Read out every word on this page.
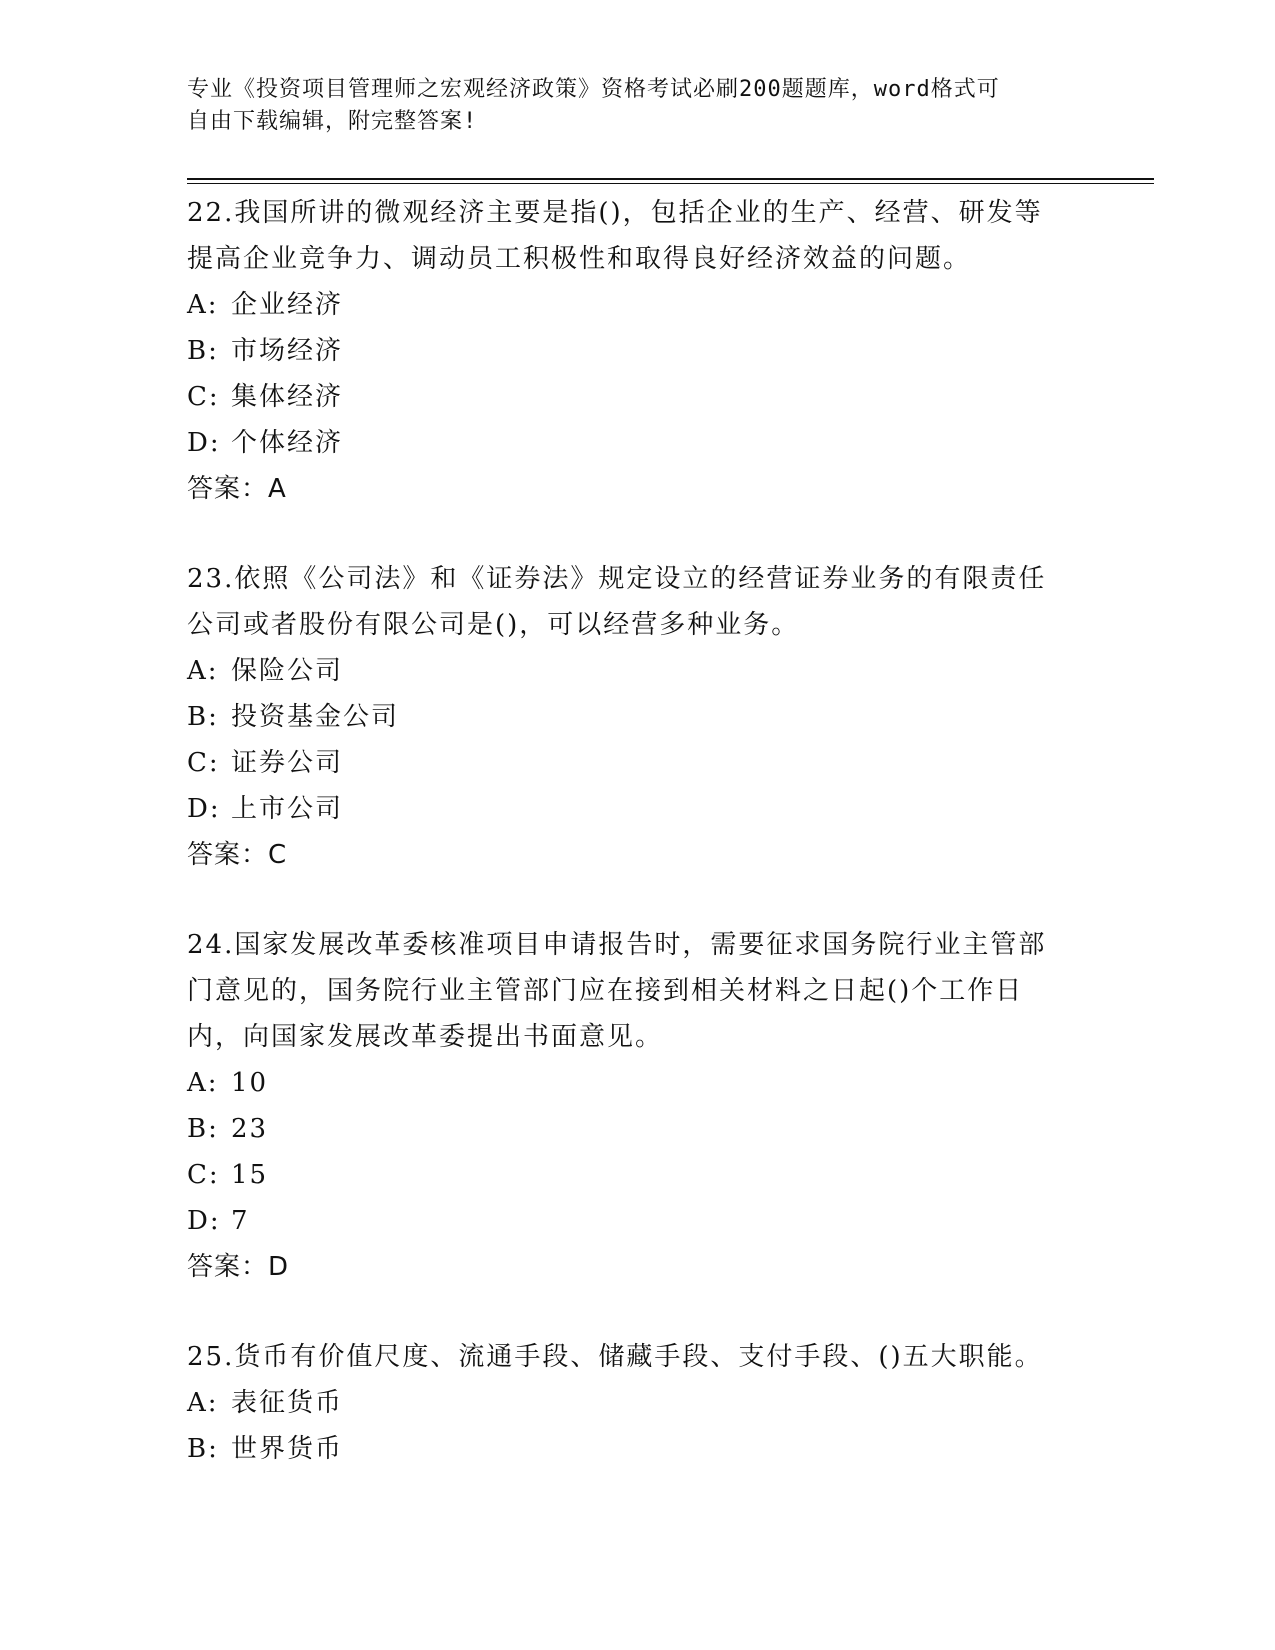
专业《投资项目管理师之宏观经济政策》资格考试必刷200题题库，word格式可
自由下载编辑，附完整答案!
22.我国所讲的微观经济主要是指()，包括企业的生产、经营、研发等
提高企业竞争力、调动员工积极性和取得良好经济效益的问题。
A: 企业经济
B: 市场经济
C: 集体经济
D: 个体经济
答案：A
23.依照《公司法》和《证券法》规定设立的经营证券业务的有限责任
公司或者股份有限公司是()，可以经营多种业务。
A: 保险公司
B: 投资基金公司
C: 证券公司
D: 上市公司
答案：C
24.国家发展改革委核准项目申请报告时，需要征求国务院行业主管部
门意见的，国务院行业主管部门应在接到相关材料之日起()个工作日
内，向国家发展改革委提出书面意见。
A: 10
B: 23
C: 15
D: 7
答案：D
25.货币有价值尺度、流通手段、储藏手段、支付手段、()五大职能。
A: 表征货币
B: 世界货币
